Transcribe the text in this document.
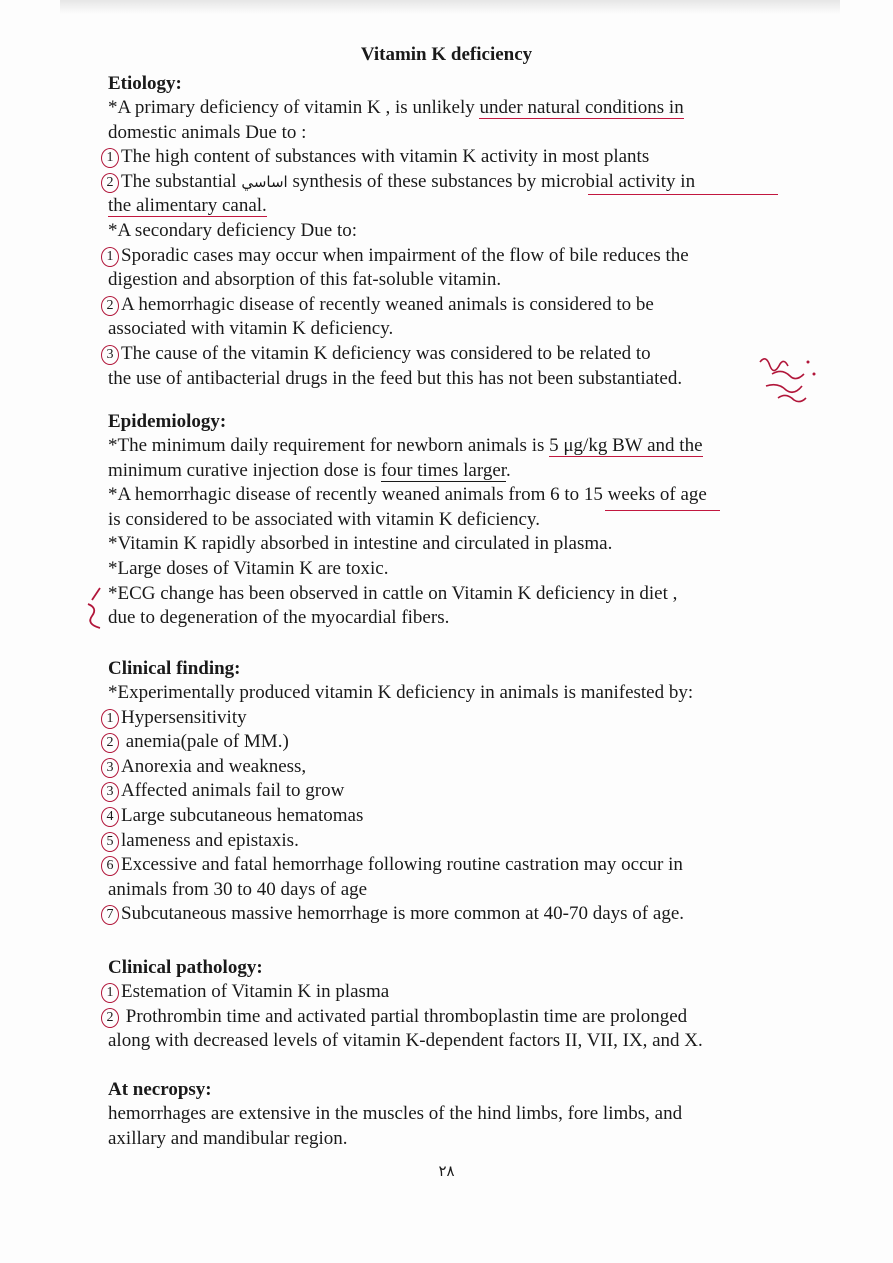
Vitamin K deficiency
Etiology:
*A primary deficiency of vitamin K , is unlikely under natural conditions in
domestic animals Due to :
1 The high content of substances with vitamin K activity in most plants
2 The substantial اساسي synthesis of these substances by microbial activity in
the alimentary canal.
*A secondary deficiency Due to:
1 Sporadic cases may occur when impairment of the flow of bile reduces the
digestion and absorption of this fat-soluble vitamin.
2 A hemorrhagic disease of recently weaned animals is considered to be
associated with vitamin K deficiency.
3 The cause of the vitamin K deficiency was considered to be related to
the use of antibacterial drugs in the feed but this has not been substantiated.
Epidemiology:
*The minimum daily requirement for newborn animals is 5 μg/kg BW and the
minimum curative injection dose is four times larger.
*A hemorrhagic disease of recently weaned animals from 6 to 15 weeks of age
is considered to be associated with vitamin K deficiency.
*Vitamin K rapidly absorbed in intestine and circulated in plasma.
*Large doses of Vitamin K are toxic.
*ECG change has been observed in cattle on Vitamin K deficiency in diet ,
due to degeneration of the myocardial fibers.
Clinical finding:
*Experimentally produced vitamin K deficiency in animals is manifested by:
1 Hypersensitivity
2 anemia(pale of MM.)
3 Anorexia and weakness,
3 Affected animals fail to grow
4 Large subcutaneous hematomas
5 lameness and epistaxis.
6 Excessive and fatal hemorrhage following routine castration may occur in
animals from 30 to 40 days of age
7 Subcutaneous massive hemorrhage is more common at 40-70 days of age.
Clinical pathology:
1 Estemation of Vitamin K in plasma
2 Prothrombin time and activated partial thromboplastin time are prolonged
along with decreased levels of vitamin K-dependent factors II, VII, IX, and X.
At necropsy:
hemorrhages are extensive in the muscles of the hind limbs, fore limbs, and
axillary and mandibular region.
٢٨
